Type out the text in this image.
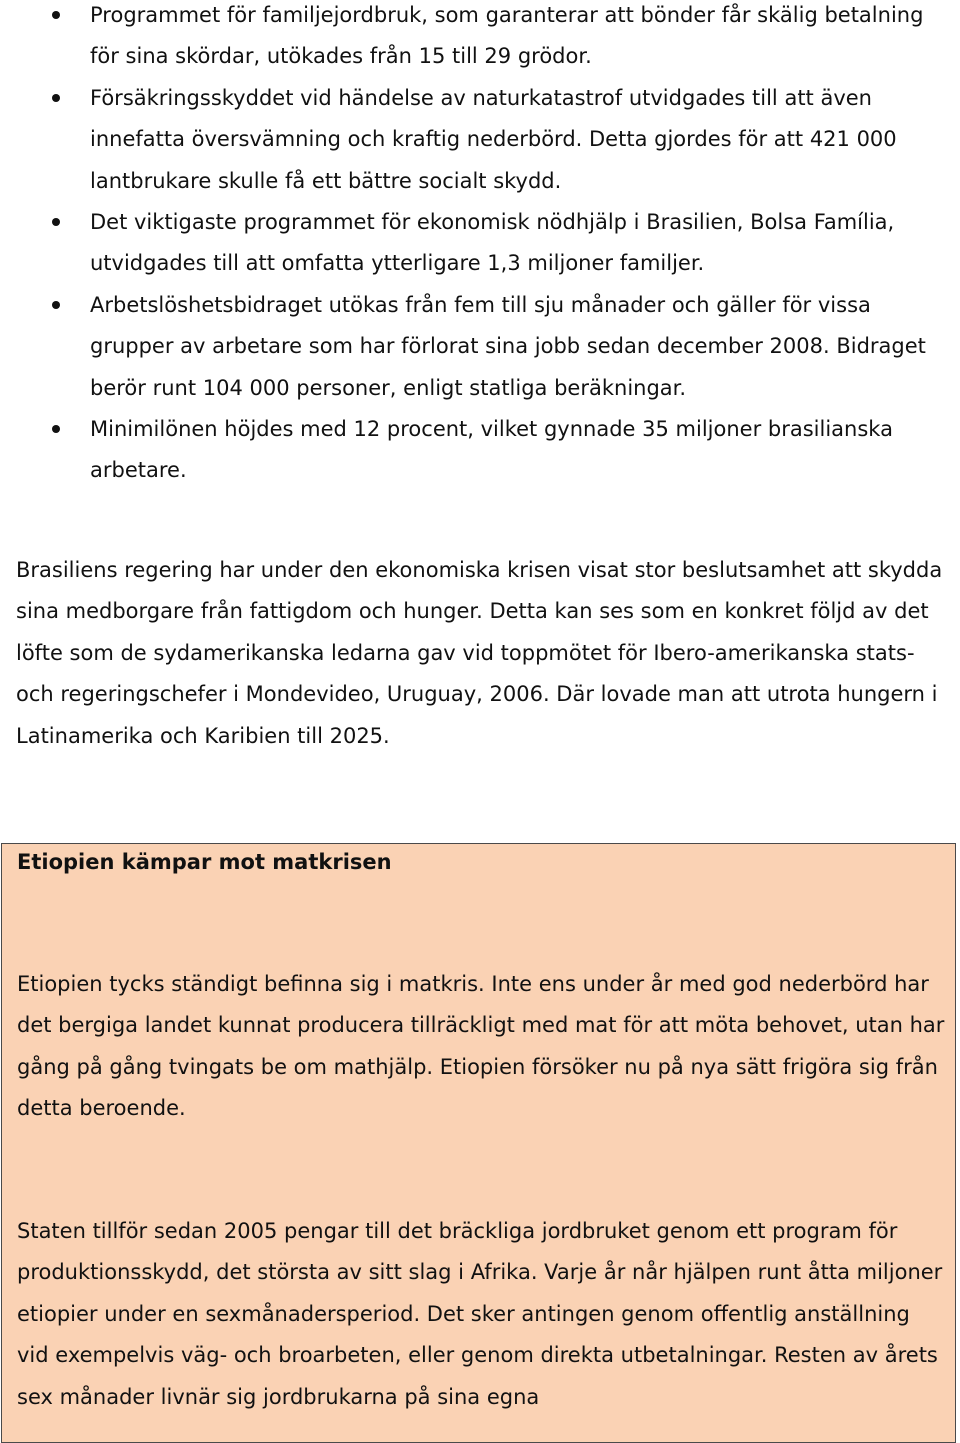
Programmet för familjejordbruk, som garanterar att bönder får skälig betalning för sina skördar, utökades från 15 till 29 grödor.
Försäkringsskyddet vid händelse av naturkatastrof utvidgades till att även innefatta översvämning och kraftig nederbörd. Detta gjordes för att 421 000 lantbrukare skulle få ett bättre socialt skydd.
Det viktigaste programmet för ekonomisk nödhjälp i Brasilien, Bolsa Família, utvidgades till att omfatta ytterligare 1,3 miljoner familjer.
Arbetslöshetsbidraget utökas från fem till sju månader och gäller för vissa grupper av arbetare som har förlorat sina jobb sedan december 2008. Bidraget berör runt 104 000 personer, enligt statliga beräkningar.
Minimilönen höjdes med 12 procent, vilket gynnade 35 miljoner brasilianska arbetare.

Brasiliens regering har under den ekonomiska krisen visat stor beslutsamhet att skydda sina medborgare från fattigdom och hunger. Detta kan ses som en konkret följd av det löfte som de sydamerikanska ledarna gav vid toppmötet för Ibero-amerikanska stats- och regeringschefer i Mondevideo, Uruguay, 2006. Där lovade man att utrota hungern i Latinamerika och Karibien till 2025.

Etiopien kämpar mot matkrisen

Etiopien tycks ständigt befinna sig i matkris. Inte ens under år med god nederbörd har det bergiga landet kunnat producera tillräckligt med mat för att möta behovet, utan har gång på gång tvingats be om mathjälp. Etiopien försöker nu på nya sätt frigöra sig från detta beroende.

Staten tillför sedan 2005 pengar till det bräckliga jordbruket genom ett program för produktionsskydd, det största av sitt slag i Afrika. Varje år når hjälpen runt åtta miljoner etiopier under en sexmånadersperiod. Det sker antingen genom offentlig anställning vid exempelvis väg- och broarbeten, eller genom direkta utbetalningar. Resten av årets sex månader livnär sig jordbrukarna på sina egna
